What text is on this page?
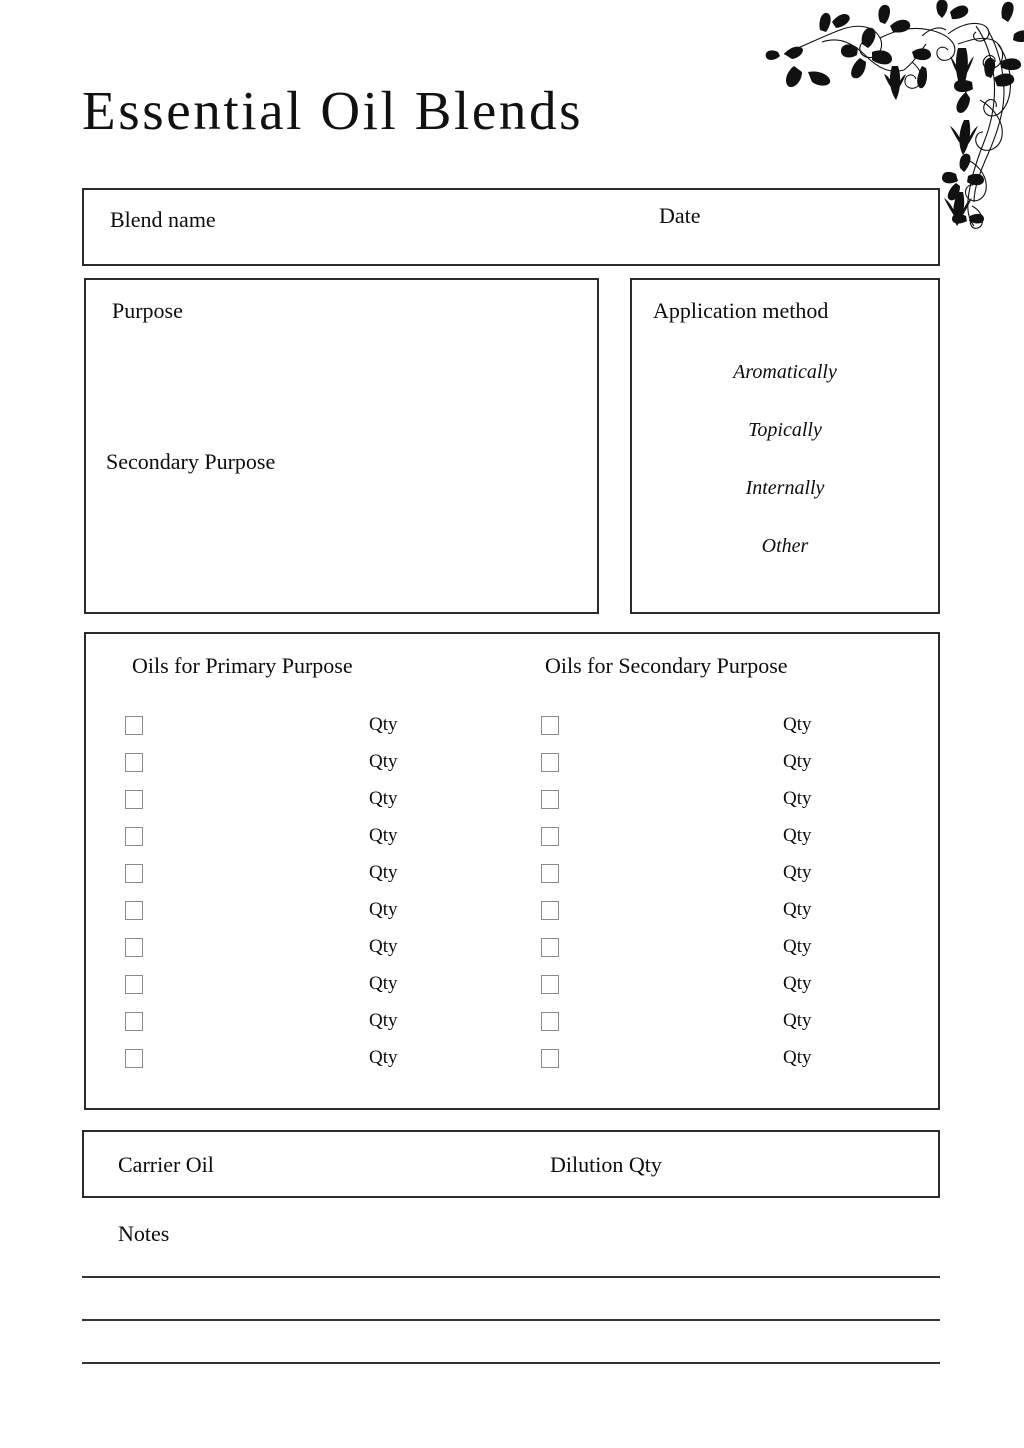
Essential Oil Blends
Blend name	Date
Purpose
Secondary Purpose
Application method
Aromatically
Topically
Internally
Other
Oils for Primary Purpose	Oils for Secondary Purpose
Qty	Qty
Qty	Qty
Qty	Qty
Qty	Qty
Qty	Qty
Qty	Qty
Qty	Qty
Qty	Qty
Qty	Qty
Qty	Qty
Carrier Oil	Dilution Qty
Notes
